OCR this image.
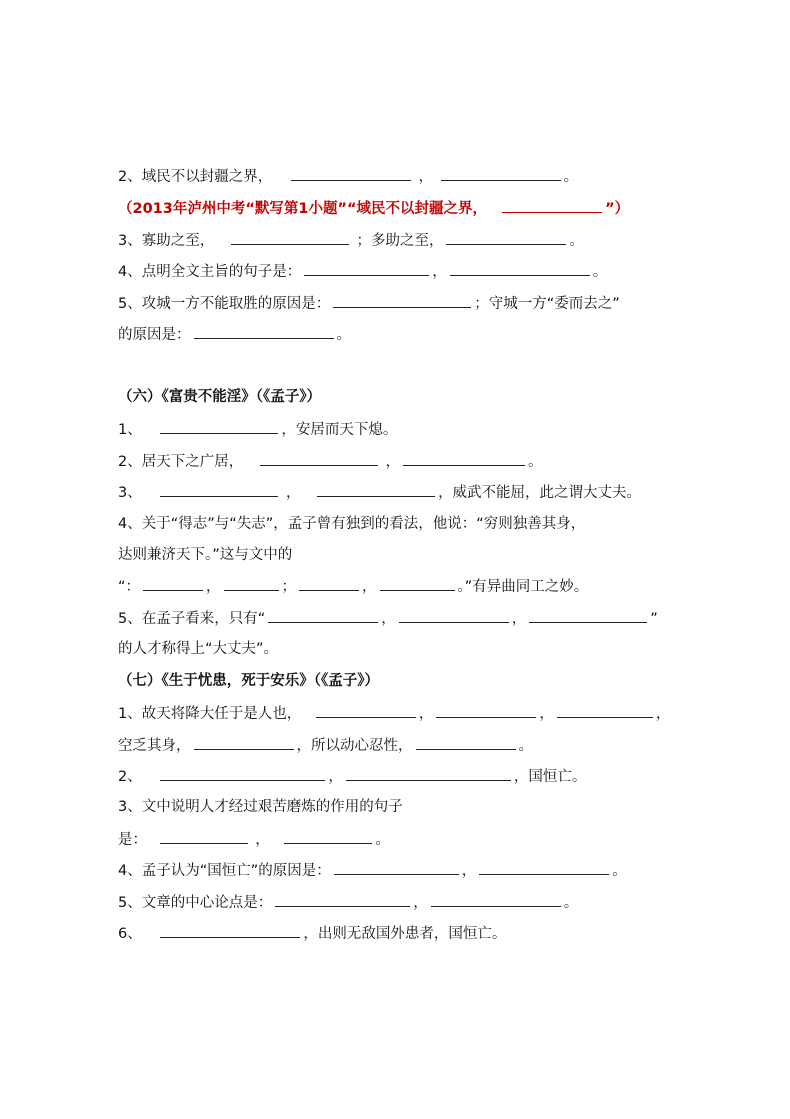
2、域民不以封疆之界，	，	。
（2013年泸州中考“默写第1小题”“域民不以封疆之界，	”）
3、寡助之至，	；多助之至，	。
4、点明全文主旨的句子是：	，	。
5、攻城一方不能取胜的原因是：	；守城一方“委而去之”
的原因是：	。
（六）《富贵不能淫》（《孟子》）
1、	，安居而天下熄。
2、居天下之广居，	，	。
3、	，	，威武不能屈，此之谓大丈夫。
4、关于“得志”与“失志”，孟子曾有独到的看法，他说：“穷则独善其身，
达则兼济天下。”这与文中的
“：	，	；	，	。”有异曲同工之妙。
5、在孟子看来，只有“	，	，	”
的人才称得上“大丈夫”。
（七）《生于忧患，死于安乐》（《孟子》）
1、故天将降大任于是人也，	，	，	，
空乏其身，	，所以动心忍性，	。
2、	，	，国恒亡。
3、文中说明人才经过艰苦磨炼的作用的句子
是：	，	。
4、孟子认为“国恒亡”的原因是：	，	。
5、文章的中心论点是：	，	。
6、	，出则无敌国外患者，国恒亡。
